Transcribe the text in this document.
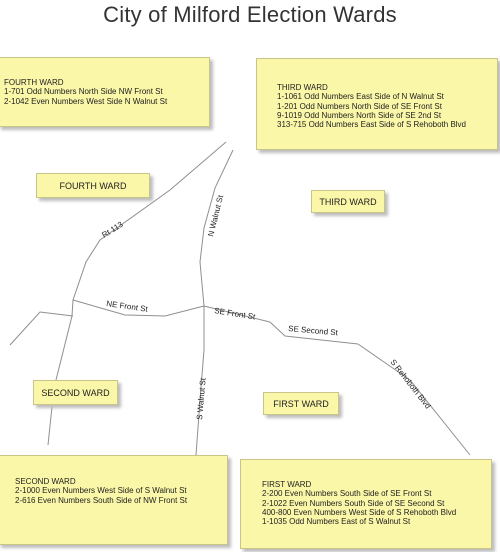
City of Milford Election Wards
Rt 113	N Walnut St
NE Front St	SE Front St
SE Second St
S Walnut St	S Rehoboth Blvd
FOURTH WARD
1-701 Odd Numbers North Side NW Front St
2-1042 Even Numbers West Side N Walnut St
THIRD WARD
1-1061 Odd Numbers East Side of N Walnut St
1-201 Odd Numbers North Side of SE Front St
9-1019 Odd Numbers North Side of SE 2nd St
313-715 Odd Numbers East Side of S Rehoboth Blvd
FOURTH WARD
THIRD WARD
SECOND WARD
FIRST WARD
SECOND WARD
2-1000 Even Numbers West Side of S Walnut St
2-616 Even Numbers South Side of NW Front St
FIRST WARD
2-200 Even Numbers South Side of SE Front St
2-1022 Even Numbers South Side of SE Second St
400-800 Even Numbers West Side of S Rehoboth Blvd
1-1035 Odd Numbers East of S Walnut St
